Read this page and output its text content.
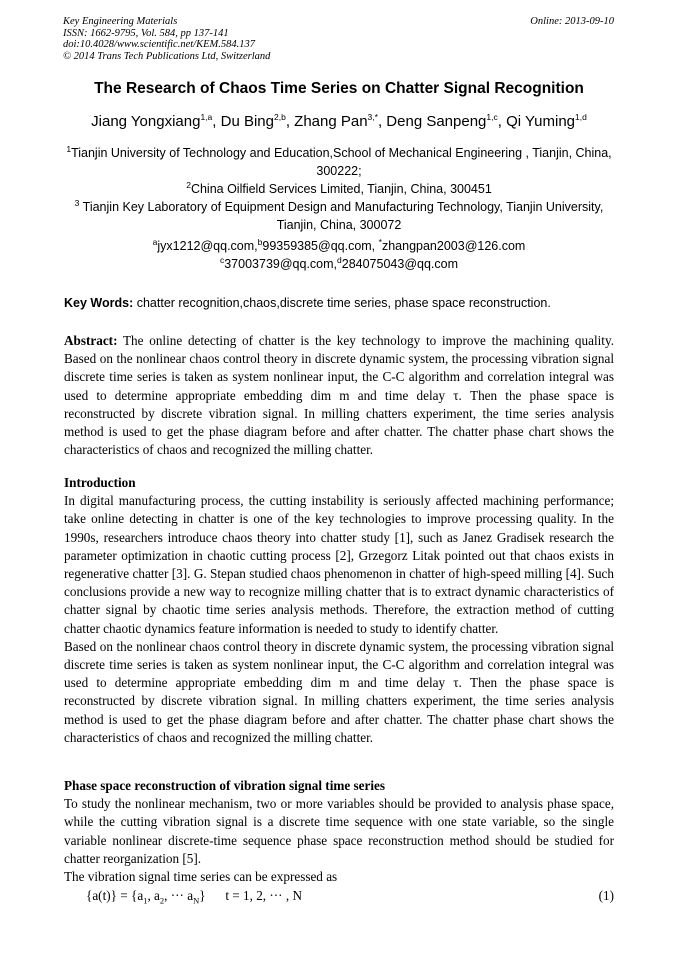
Key Engineering Materials
ISSN: 1662-9795, Vol. 584, pp 137-141
doi:10.4028/www.scientific.net/KEM.584.137
© 2014 Trans Tech Publications Ltd, Switzerland
Online: 2013-09-10
The Research of Chaos Time Series on Chatter Signal Recognition
Jiang Yongxiang$^{1,a}$, Du Bing$^{2,b}$, Zhang Pan$^{3,*}$, Deng Sanpeng$^{1,c}$, Qi Yuming$^{1,d}$
$^1$Tianjin University of Technology and Education,School of Mechanical Engineering , Tianjin, China, 300222;
$^2$China Oilfield Services Limited, Tianjin, China, 300451
$^3$ Tianjin Key Laboratory of Equipment Design and Manufacturing Technology, Tianjin University, Tianjin, China, 300072
$^a$jyx1212@qq.com,$^b$99359385@qq.com, *zhangpan2003@126.com
$^c$37003739@qq.com,$^d$284075043@qq.com
Key Words: chatter recognition,chaos,discrete time series, phase space reconstruction.

Abstract: The online detecting of chatter is the key technology to improve the machining quality. Based on the nonlinear chaos control theory in discrete dynamic system, the processing vibration signal discrete time series is taken as system nonlinear input, the C-C algorithm and correlation integral was used to determine appropriate embedding dim m and time delay τ. Then the phase space is reconstructed by discrete vibration signal. In milling chatters experiment, the time series analysis method is used to get the phase diagram before and after chatter. The chatter phase chart shows the characteristics of chaos and recognized the milling chatter.

Introduction

In digital manufacturing process, the cutting instability is seriously affected machining performance; take online detecting in chatter is one of the key technologies to improve processing quality. In the 1990s, researchers introduce chaos theory into chatter study [1], such as Janez Gradisek research the parameter optimization in chaotic cutting process [2], Grzegorz Litak pointed out that chaos exists in regenerative chatter [3]. G. Stepan studied chaos phenomenon in chatter of high-speed milling [4]. Such conclusions provide a new way to recognize milling chatter that is to extract dynamic characteristics of chatter signal by chaotic time series analysis methods. Therefore, the extraction method of cutting chatter chaotic dynamics feature information is needed to study to identify chatter.

Based on the nonlinear chaos control theory in discrete dynamic system, the processing vibration signal discrete time series is taken as system nonlinear input, the C-C algorithm and correlation integral was used to determine appropriate embedding dim m and time delay τ. Then the phase space is reconstructed by discrete vibration signal. In milling chatters experiment, the time series analysis method is used to get the phase diagram before and after chatter. The chatter phase chart shows the characteristics of chaos and recognized the milling chatter.

Phase space reconstruction of vibration signal time series

To study the nonlinear mechanism, two or more variables should be provided to analysis phase space, while the cutting vibration signal is a discrete time sequence with one state variable, so the single variable nonlinear discrete-time sequence phase space reconstruction method should be studied for chatter reorganization [5].

The vibration signal time series can be expressed as

$\{a(t)\} = \{a_1$, $a_2$, ··· $a_N$} t = 1, 2, ··· , N	(1)
